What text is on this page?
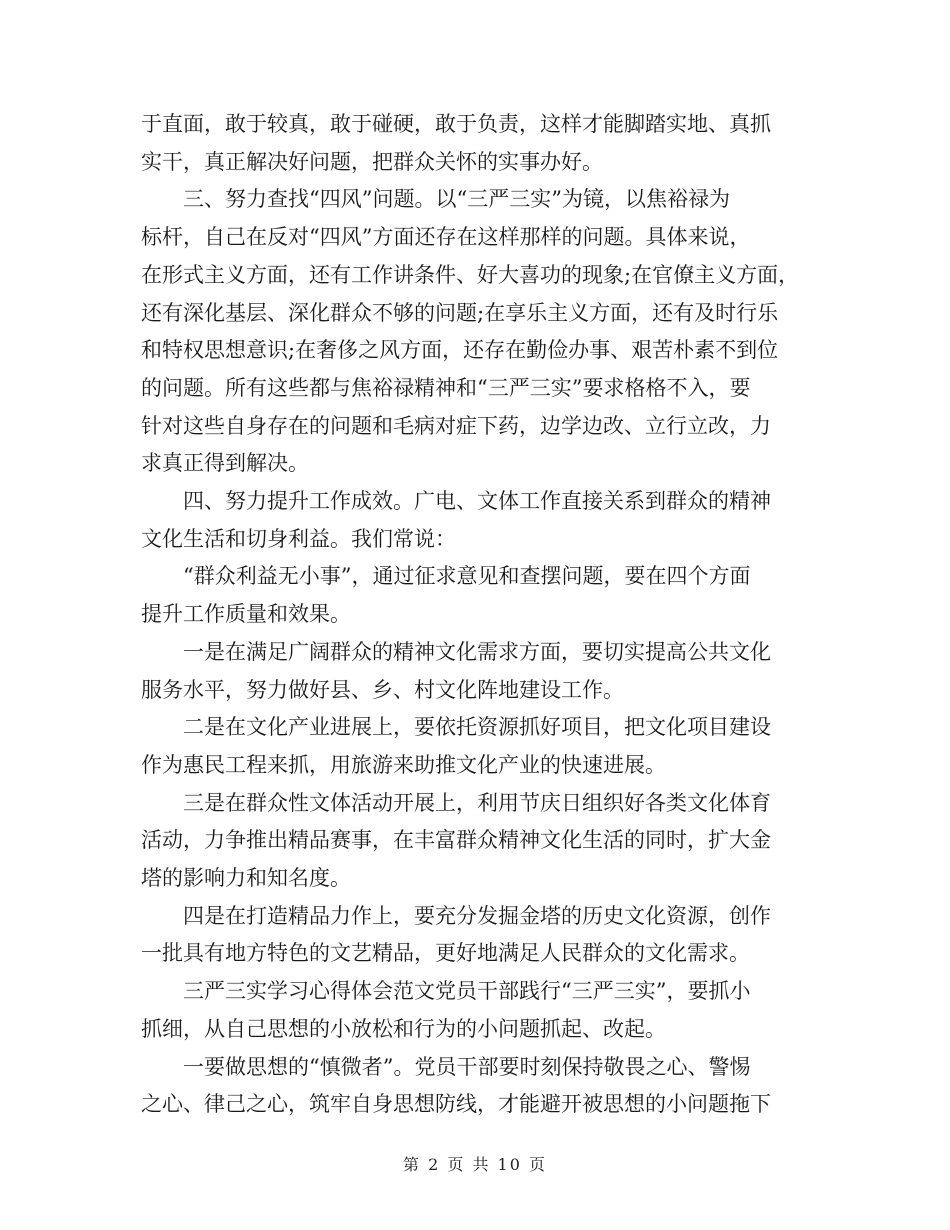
于直面，敢于较真，敢于碰硬，敢于负责，这样才能脚踏实地、真抓
实干，真正解决好问题，把群众关怀的实事办好。

三、努力查找“四风”问题。以“三严三实”为镜，以焦裕禄为
标杆，自己在反对“四风”方面还存在这样那样的问题。具体来说，
在形式主义方面，还有工作讲条件、好大喜功的现象;在官僚主义方面，
还有深化基层、深化群众不够的问题;在享乐主义方面，还有及时行乐
和特权思想意识;在奢侈之风方面，还存在勤俭办事、艰苦朴素不到位
的问题。所有这些都与焦裕禄精神和“三严三实”要求格格不入，要
针对这些自身存在的问题和毛病对症下药，边学边改、立行立改，力
求真正得到解决。

四、努力提升工作成效。广电、文体工作直接关系到群众的精神
文化生活和切身利益。我们常说：

“群众利益无小事”，通过征求意见和查摆问题，要在四个方面
提升工作质量和效果。

一是在满足广阔群众的精神文化需求方面，要切实提高公共文化
服务水平，努力做好县、乡、村文化阵地建设工作。

二是在文化产业进展上，要依托资源抓好项目，把文化项目建设
作为惠民工程来抓，用旅游来助推文化产业的快速进展。

三是在群众性文体活动开展上，利用节庆日组织好各类文化体育
活动，力争推出精品赛事，在丰富群众精神文化生活的同时，扩大金
塔的影响力和知名度。

四是在打造精品力作上，要充分发掘金塔的历史文化资源，创作
一批具有地方特色的文艺精品，更好地满足人民群众的文化需求。

三严三实学习心得体会范文党员干部践行“三严三实”，要抓小
抓细，从自己思想的小放松和行为的小问题抓起、改起。

一要做思想的“慎微者”。党员干部要时刻保持敬畏之心、警惕
之心、律己之心，筑牢自身思想防线，才能避开被思想的小问题拖下

第 2 页 共 10 页
